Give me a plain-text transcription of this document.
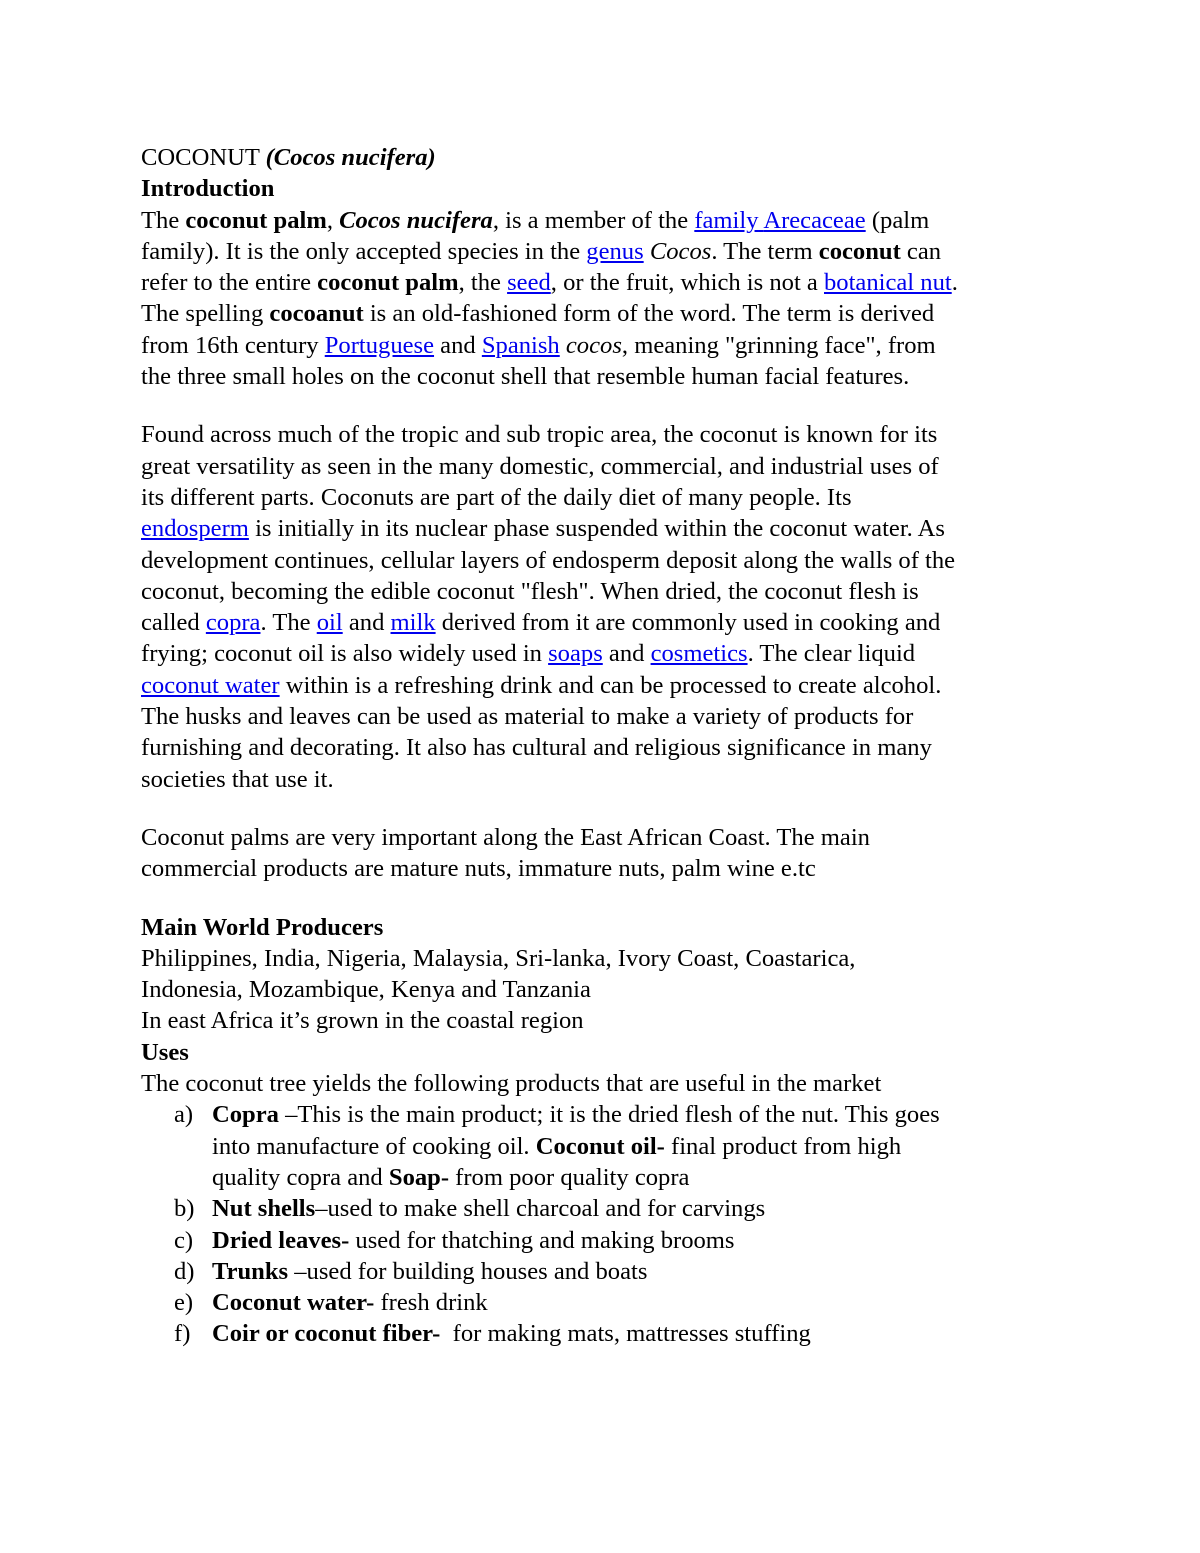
COCONUT (Cocos nucifera)
Introduction
The coconut palm, Cocos nucifera, is a member of the family Arecaceae (palm
family). It is the only accepted species in the genus Cocos. The term coconut can
refer to the entire coconut palm, the seed, or the fruit, which is not a botanical nut.
The spelling cocoanut is an old-fashioned form of the word. The term is derived
from 16th century Portuguese and Spanish cocos, meaning "grinning face", from
the three small holes on the coconut shell that resemble human facial features.
Found across much of the tropic and sub tropic area, the coconut is known for its
great versatility as seen in the many domestic, commercial, and industrial uses of
its different parts. Coconuts are part of the daily diet of many people. Its
endosperm is initially in its nuclear phase suspended within the coconut water. As
development continues, cellular layers of endosperm deposit along the walls of the
coconut, becoming the edible coconut "flesh". When dried, the coconut flesh is
called copra. The oil and milk derived from it are commonly used in cooking and
frying; coconut oil is also widely used in soaps and cosmetics. The clear liquid
coconut water within is a refreshing drink and can be processed to create alcohol.
The husks and leaves can be used as material to make a variety of products for
furnishing and decorating. It also has cultural and religious significance in many
societies that use it.
Coconut palms are very important along the East African Coast. The main
commercial products are mature nuts, immature nuts, palm wine e.tc
Main World Producers
Philippines, India, Nigeria, Malaysia, Sri-lanka, Ivory Coast, Coastarica,
Indonesia, Mozambique, Kenya and Tanzania
In east Africa it’s grown in the coastal region
Uses
The coconut tree yields the following products that are useful in the market
a) Copra –This is the main product; it is the dried flesh of the nut. This goes
into manufacture of cooking oil. Coconut oil- final product from high
quality copra and Soap- from poor quality copra
b) Nut shells–used to make shell charcoal and for carvings
c) Dried leaves- used for thatching and making brooms
d) Trunks –used for building houses and boats
e) Coconut water- fresh drink
f) Coir or coconut fiber-  for making mats, mattresses stuffing
